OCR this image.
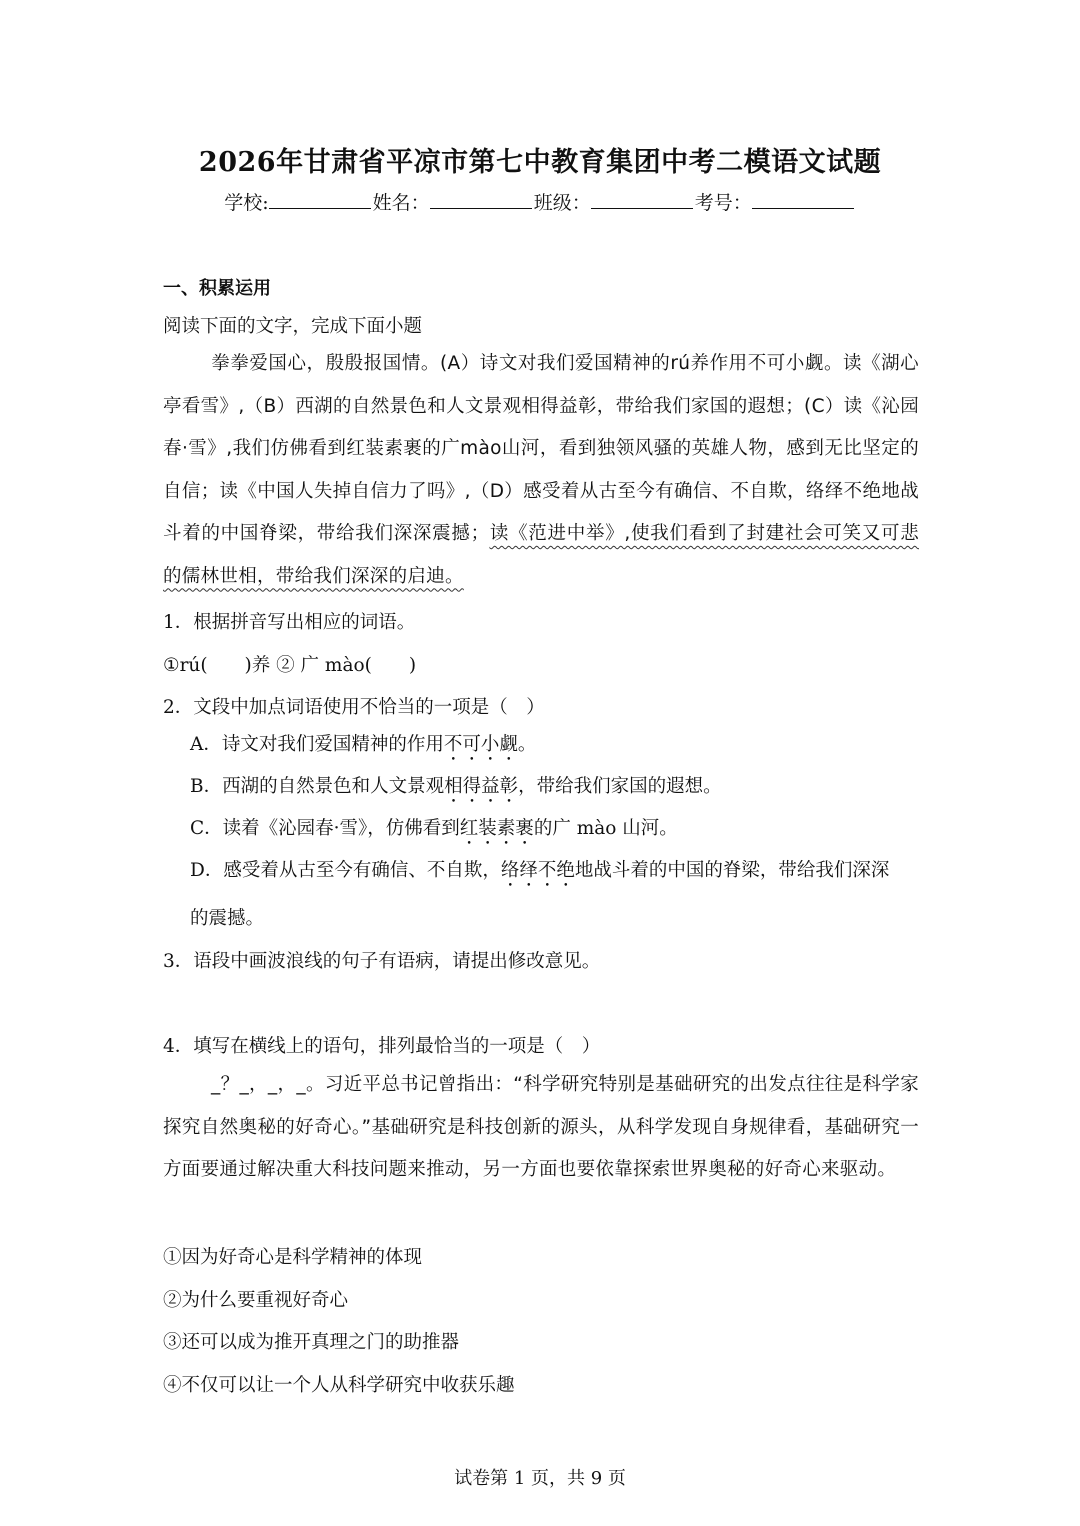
2026年甘肃省平凉市第七中教育集团中考二模语文试题
学校:	姓名：	班级：	考号：
一、积累运用
阅读下面的文字，完成下面小题
拳拳爱国心，殷殷报国情。(A）诗文对我们爱国精神的rú养作用不可小觑。读《湖心亭看雪》,（B）西湖的自然景色和人文景观相得益彰，带给我们家国的遐想；(C）读《沁园春·雪》,我们仿佛看到红装素裹的广mào山河，看到独领风骚的英雄人物，感到无比坚定的自信；读《中国人失掉自信力了吗》,（D）感受着从古至今有确信、不自欺，络绎不绝地战斗着的中国脊梁，带给我们深深震撼；读《范进中举》,使我们看到了封建社会可笑又可悲的儒林世相，带给我们深深的启迪。
1．根据拼音写出相应的词语。
①rú(　　)养 ② 广 mào(　　)
2．文段中加点词语使用不恰当的一项是（　）
A．诗文对我们爱国精神的作用不可小觑。
B．西湖的自然景色和人文景观相得益彰，带给我们家国的遐想。
C．读着《沁园春·雪》，仿佛看到红装素裹的广 mào 山河。
D．感受着从古至今有确信、不自欺，络绎不绝地战斗着的中国的脊梁，带给我们深深
的震撼。
3．语段中画波浪线的句子有语病，请提出修改意见。
4．填写在横线上的语句，排列最恰当的一项是（　）
_？_，_，_。习近平总书记曾指出：“科学研究特别是基础研究的出发点往往是科学家探究自然奥秘的好奇心。”基础研究是科技创新的源头，从科学发现自身规律看，基础研究一方面要通过解决重大科技问题来推动，另一方面也要依靠探索世界奥秘的好奇心来驱动。
①因为好奇心是科学精神的体现
②为什么要重视好奇心
③还可以成为推开真理之门的助推器
④不仅可以让一个人从科学研究中收获乐趣
试卷第 1 页，共 9 页
